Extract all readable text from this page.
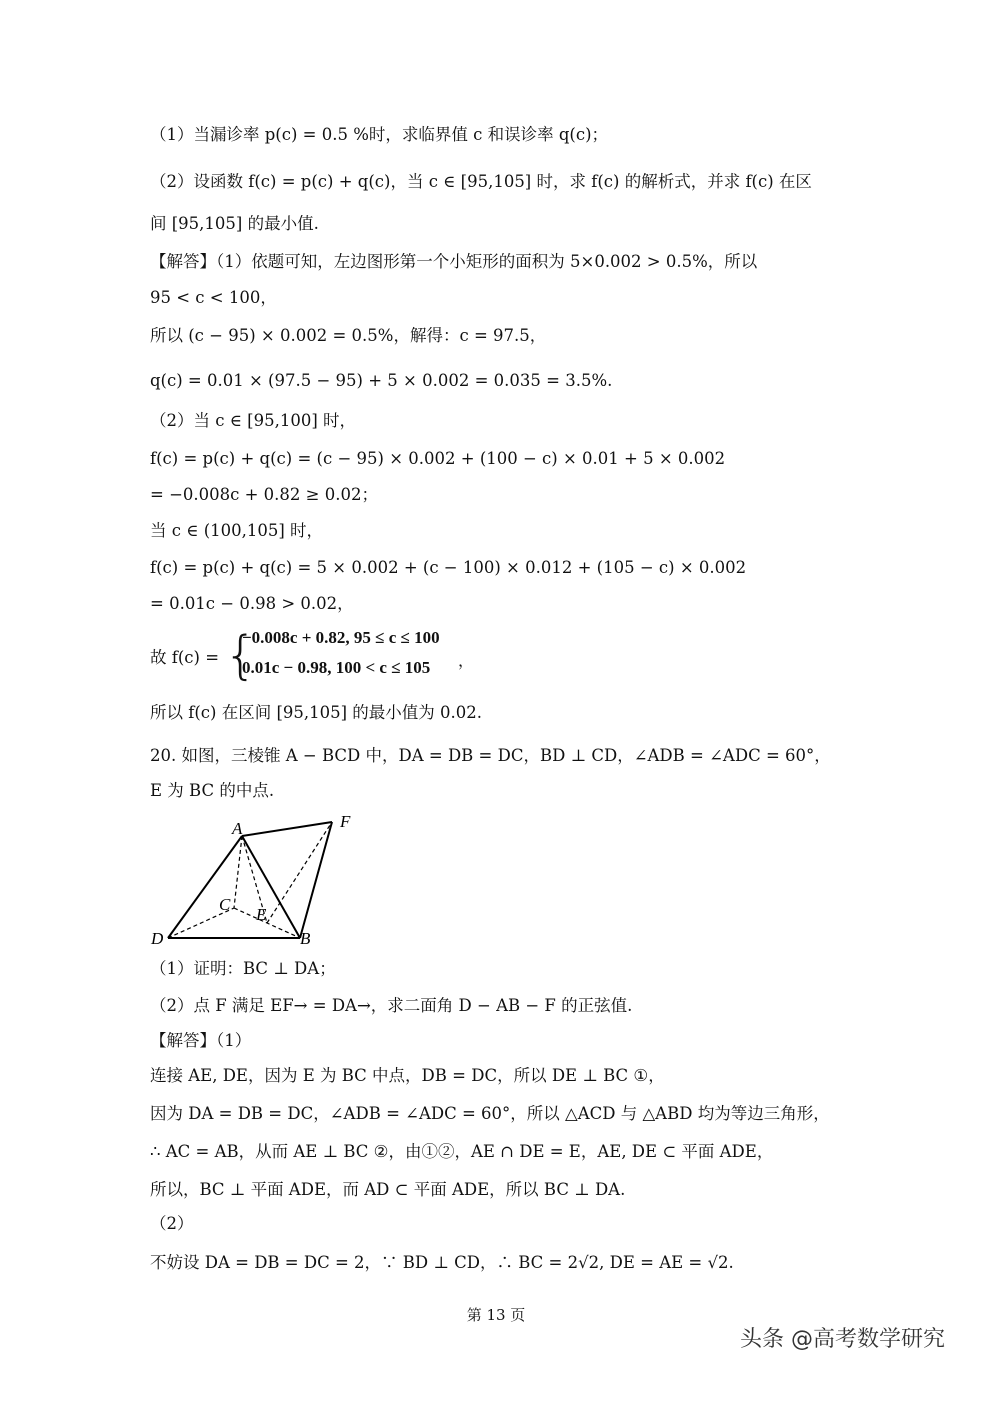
（1）当漏诊率 p(c) = 0.5 %时，求临界值 c 和误诊率 q(c)；
（2）设函数 f(c) = p(c) + q(c)，当 c ∈ [95,105] 时，求 f(c) 的解析式，并求 f(c) 在区
间 [95,105] 的最小值.
【解答】（1）依题可知，左边图形第一个小矩形的面积为 5×0.002 > 0.5%，所以
95 < c < 100，
所以 (c − 95) × 0.002 = 0.5%，解得：c = 97.5，
q(c) = 0.01 × (97.5 − 95) + 5 × 0.002 = 0.035 = 3.5%.
（2）当 c ∈ [95,100] 时，
f(c) = p(c) + q(c) = (c − 95) × 0.002 + (100 − c) × 0.01 + 5 × 0.002
= −0.008c + 0.82 ≥ 0.02；
当 c ∈ (100,105] 时，
f(c) = p(c) + q(c) = 5 × 0.002 + (c − 100) × 0.012 + (105 − c) × 0.002
= 0.01c − 0.98 > 0.02，
故 f(c) = {
−0.008c + 0.82, 95 ≤ c ≤ 100
0.01c − 0.98, 100 < c ≤ 105 ，
所以 f(c) 在区间 [95,105] 的最小值为 0.02.
20. 如图，三棱锥 A − BCD 中，DA = DB = DC，BD ⊥ CD，∠ADB = ∠ADC = 60°，
E 为 BC 的中点.
A	F
C
E
D	B
（1）证明：BC ⊥ DA；
（2）点 F 满足 EF→ = DA→，求二面角 D − AB − F 的正弦值.
【解答】（1）
连接 AE, DE，因为 E 为 BC 中点，DB = DC，所以 DE ⊥ BC ①，
因为 DA = DB = DC，∠ADB = ∠ADC = 60°，所以 △ACD 与 △ABD 均为等边三角形，
∴ AC = AB，从而 AE ⊥ BC ②，由①②，AE ∩ DE = E，AE, DE ⊂ 平面 ADE，
所以，BC ⊥ 平面 ADE，而 AD ⊂ 平面 ADE，所以 BC ⊥ DA.
（2）
不妨设 DA = DB = DC = 2，∵ BD ⊥ CD，∴ BC = 2√2, DE = AE = √2.
第 13 页
头条 @高考数学研究
